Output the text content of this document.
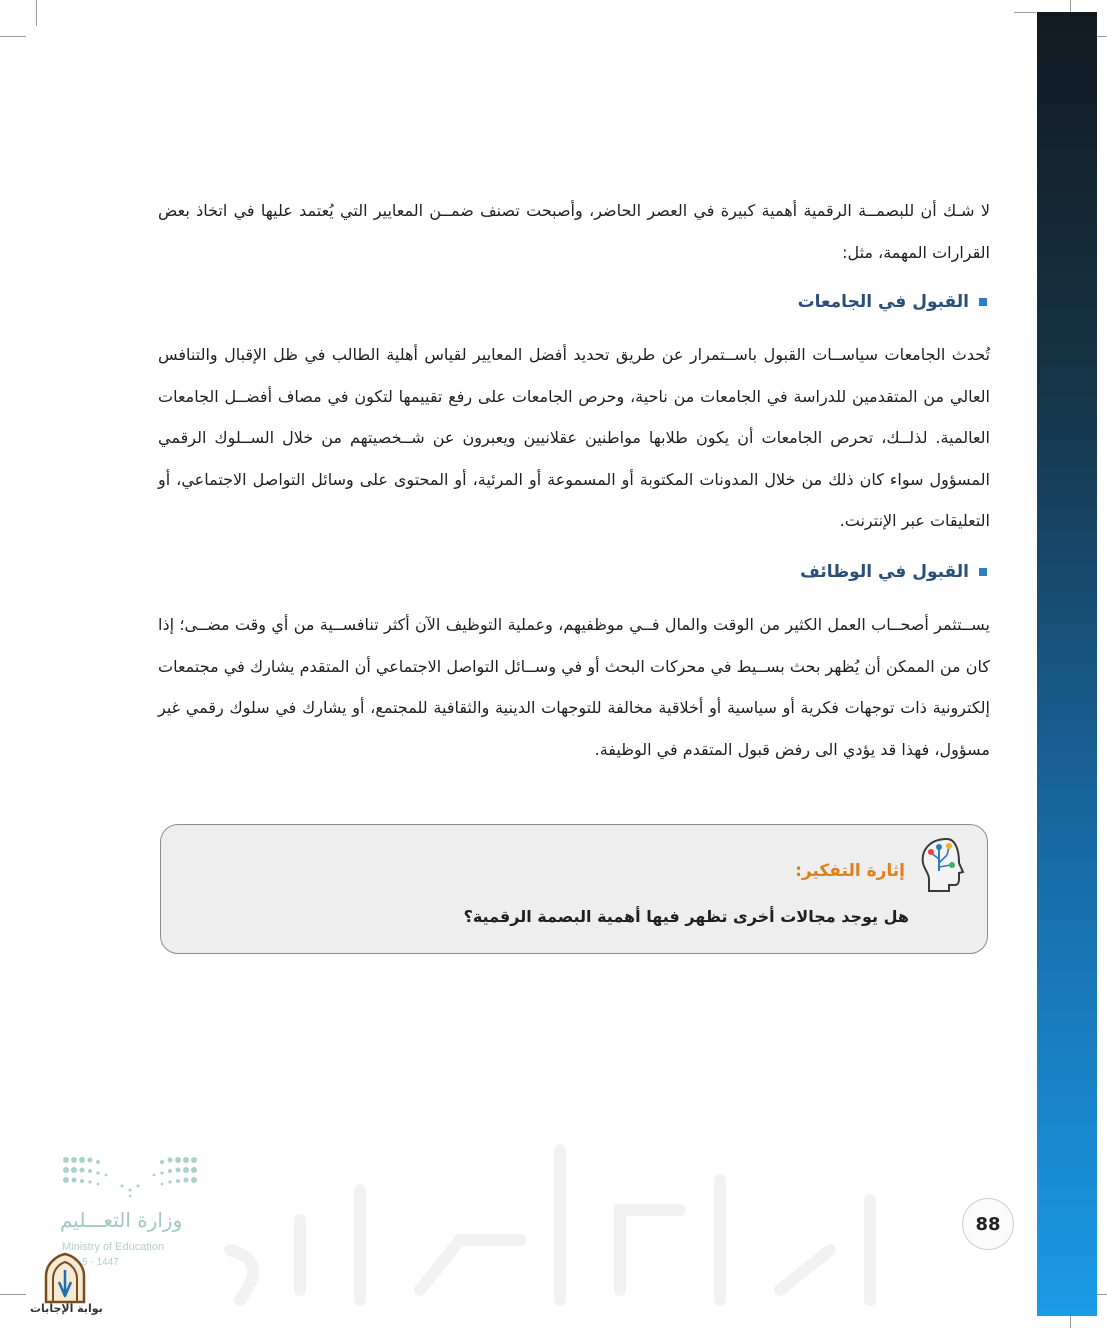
لا شـك أن للبصمــة الرقمية أهمية كبيرة في العصر الحاضر، وأصبحت تصنف ضمــن المعايير التي يُعتمد عليها في اتخاذ بعض القرارات المهمة، مثل:

القبول في الجامعات

تُحدث الجامعات سياســات القبول باســتمرار عن طريق تحديد أفضل المعايير لقياس أهلية الطالب في ظل الإقبال والتنافس العالي من المتقدمين للدراسة في الجامعات من ناحية، وحرص الجامعات على رفع تقييمها لتكون في مصاف أفضــل الجامعات العالمية. لذلــك، تحرص الجامعات أن يكون طلابها مواطنين عقلانيين ويعبرون عن شــخصيتهم من خلال الســلوك الرقمي المسؤول سواء كان ذلك من خلال المدونات المكتوبة أو المسموعة أو المرئية، أو المحتوى على وسائل التواصل الاجتماعي، أو التعليقات عبر الإنترنت.

القبول في الوظائف

يســتثمر أصحــاب العمل الكثير من الوقت والمال فــي موظفيهم، وعملية التوظيف الآن أكثر تنافســية من أي وقت مضــى؛ إذا كان من الممكن أن يُظهر بحث بســيط في محركات البحث أو في وســائل التواصل الاجتماعي أن المتقدم يشارك في مجتمعات إلكترونية ذات توجهات فكرية أو سياسية أو أخلاقية مخالفة للتوجهات الدينية والثقافية للمجتمع، أو يشارك في سلوك رقمي غير مسؤول، فهذا قد يؤدي الى رفض قبول المتقدم في الوظيفة.

إثارة التفكير:
هل يوجد مجالات أخرى تظهر فيها أهمية البصمة الرقمية؟
وزارة التعـــليم
Ministry of Education
5 - 1447
بوابة الإجابات
88
